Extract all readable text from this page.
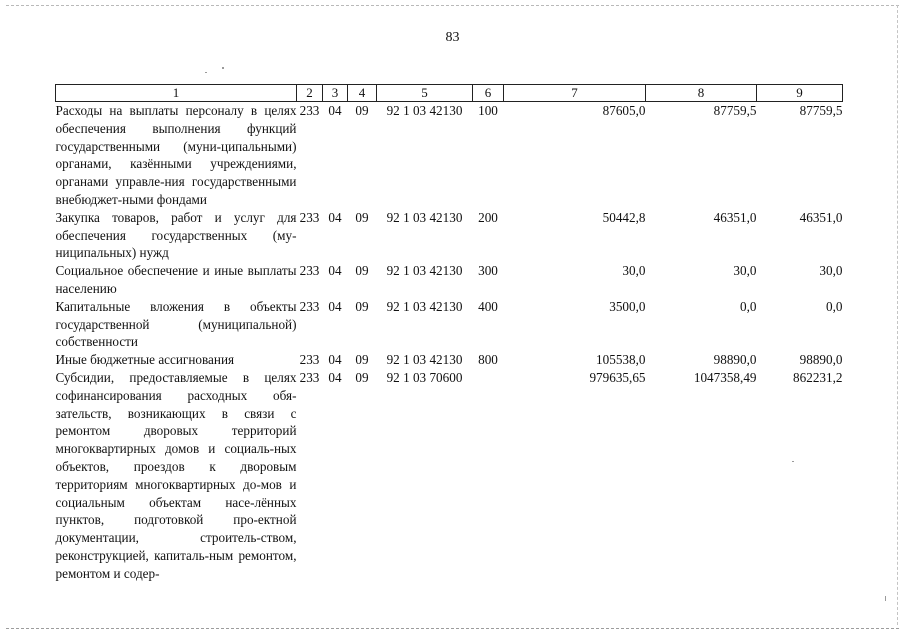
83
1	2	3	4	5	6	7	8	9
Расходы на выплаты персоналу в целях обеспечения выполнения функций государственными (муни-ципальными) органами, казёнными учреждениями, органами управле-ния государственными внебюджет-ными фондами	233	04	09	92 1 03 42130	100	87605,0	87759,5	87759,5
Закупка товаров, работ и услуг для обеспечения государственных (му-ниципальных) нужд	233	04	09	92 1 03 42130	200	50442,8	46351,0	46351,0
Социальное обеспечение и иные выплаты населению	233	04	09	92 1 03 42130	300	30,0	30,0	30,0
Капитальные вложения в объекты государственной (муниципальной) собственности	233	04	09	92 1 03 42130	400	3500,0	0,0	0,0
Иные бюджетные ассигнования	233	04	09	92 1 03 42130	800	105538,0	98890,0	98890,0
Субсидии, предоставляемые в целях софинансирования расходных обя-зательств, возникающих в связи с ремонтом дворовых территорий многоквартирных домов и социаль-ных объектов, проездов к дворовым территориям многоквартирных до-мов и социальным объектам насе-лённых пунктов, подготовкой про-ектной документации, строитель-ством, реконструкцией, капиталь-ным ремонтом, ремонтом и содер-	233	04	09	92 1 03 70600		979635,65	1047358,49	862231,2
